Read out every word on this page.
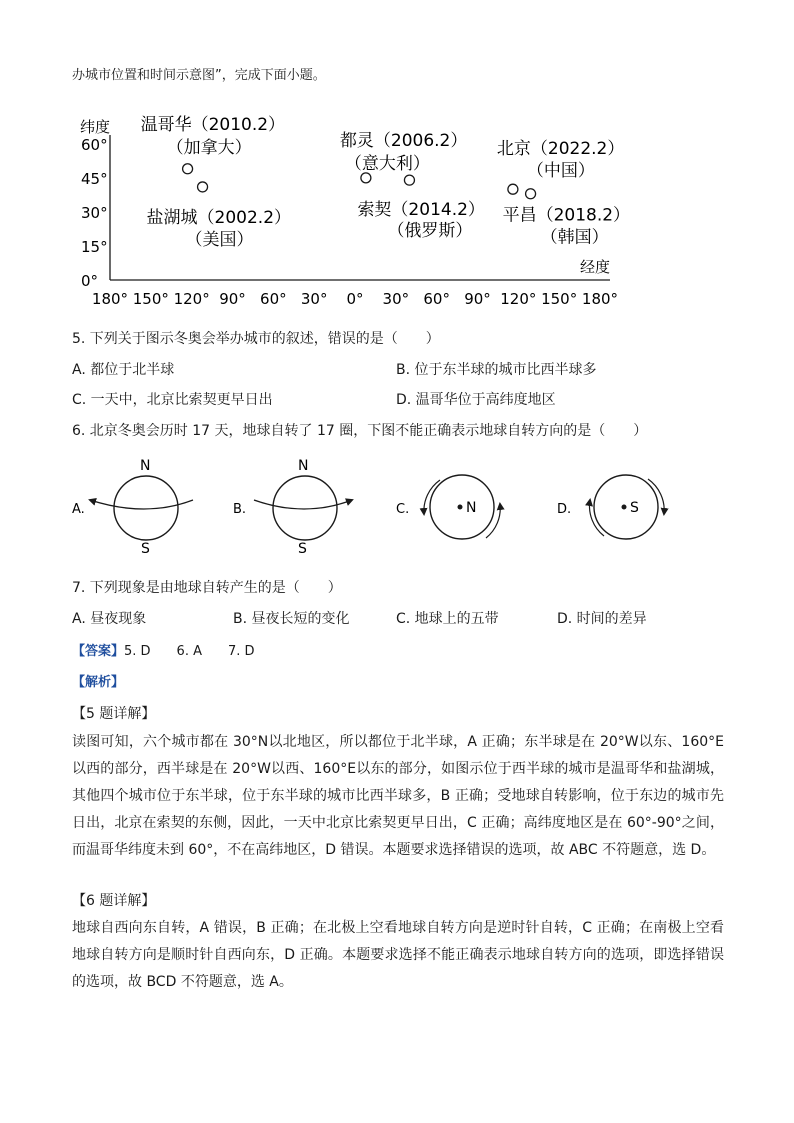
办城市位置和时间示意图”，完成下面小题。
纬度
经度
60°
45°
30°
15°
0°
180° 150° 120° 90° 60° 30° 0° 30° 60° 90° 120° 150° 180°
温哥华（2010.2）
（加拿大）
盐湖城（2002.2）
（美国）
都灵（2006.2）
（意大利）
索契（2014.2）
（俄罗斯）
北京（2022.2）
（中国）
平昌（2018.2）
（韩国）
5. 下列关于图示冬奥会举办城市的叙述，错误的是（　　）
A. 都位于北半球	B. 位于东半球的城市比西半球多
C. 一天中，北京比索契更早日出	D. 温哥华位于高纬度地区
6. 北京冬奥会历时 17 天，地球自转了 17 圈，下图不能正确表示地球自转方向的是（　　）
A.
N
S
B.
N
S
C.	N	D.	S
7. 下列现象是由地球自转产生的是（　　）
A. 昼夜现象	B. 昼夜长短的变化	C. 地球上的五带	D. 时间的差异
【答案】5. D　　6. A　　7. D
【解析】
【5 题详解】
读图可知，六个城市都在 30°N以北地区，所以都位于北半球，A 正确；东半球是在 20°W以东、160°E 以西的部分，西半球是在 20°W以西、160°E以东的部分，如图示位于西半球的城市是温哥华和盐湖城，其他四个城市位于东半球，位于东半球的城市比西半球多，B 正确；受地球自转影响，位于东边的城市先日出，北京在索契的东侧，因此，一天中北京比索契更早日出，C 正确；高纬度地区是在 60°-90°之间，而温哥华纬度未到 60°，不在高纬地区，D 错误。本题要求选择错误的选项，故 ABC 不符题意，选 D。
【6 题详解】
地球自西向东自转，A 错误，B 正确；在北极上空看地球自转方向是逆时针自转，C 正确；在南极上空看地球自转方向是顺时针自西向东，D 正确。本题要求选择不能正确表示地球自转方向的选项，即选择错误的选项，故 BCD 不符题意，选 A。
